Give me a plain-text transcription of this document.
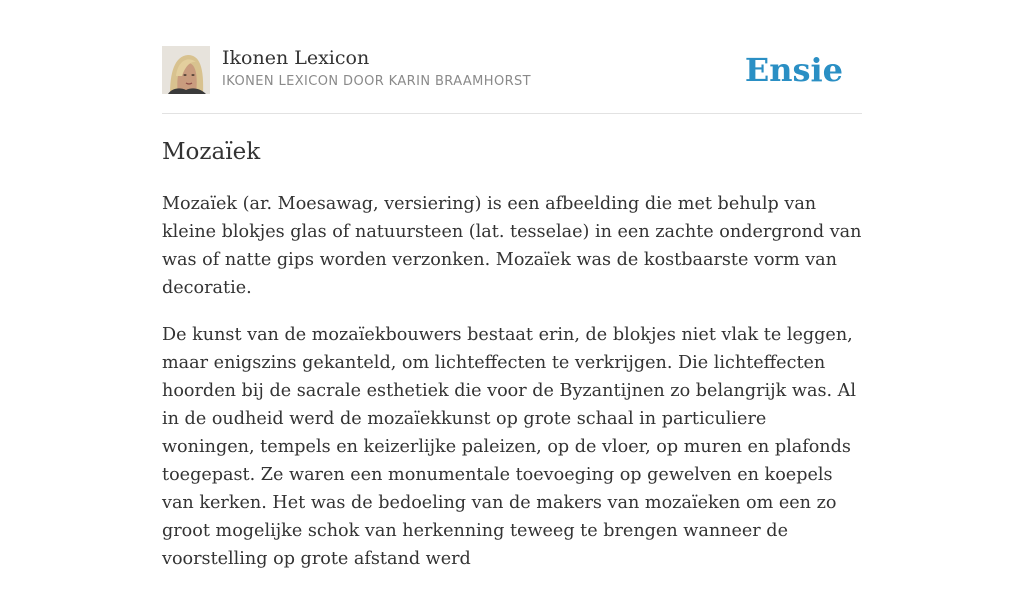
Ikonen Lexicon
IKONEN LEXICON DOOR KARIN BRAAMHORST	Ensie
Mozaïek

Mozaïek (ar. Moesawag, versiering) is een afbeelding die met behulp van kleine blokjes glas of natuursteen (lat. tesselae) in een zachte ondergrond van was of natte gips worden verzonken. Mozaïek was de kostbaarste vorm van decoratie.

De kunst van de mozaïekbouwers bestaat erin, de blokjes niet vlak te leggen, maar enigszins gekanteld, om lichteffecten te verkrijgen. Die lichteffecten hoorden bij de sacrale esthetiek die voor de Byzantijnen zo belangrijk was. Al in de oudheid werd de mozaïekkunst op grote schaal in particuliere woningen, tempels en keizerlijke paleizen, op de vloer, op muren en plafonds toegepast. Ze waren een monumentale toevoeging op gewelven en koepels van kerken. Het was de bedoeling van de makers van mozaïeken om een zo groot mogelijke schok van herkenning teweeg te brengen wanneer de voorstelling op grote afstand werd
